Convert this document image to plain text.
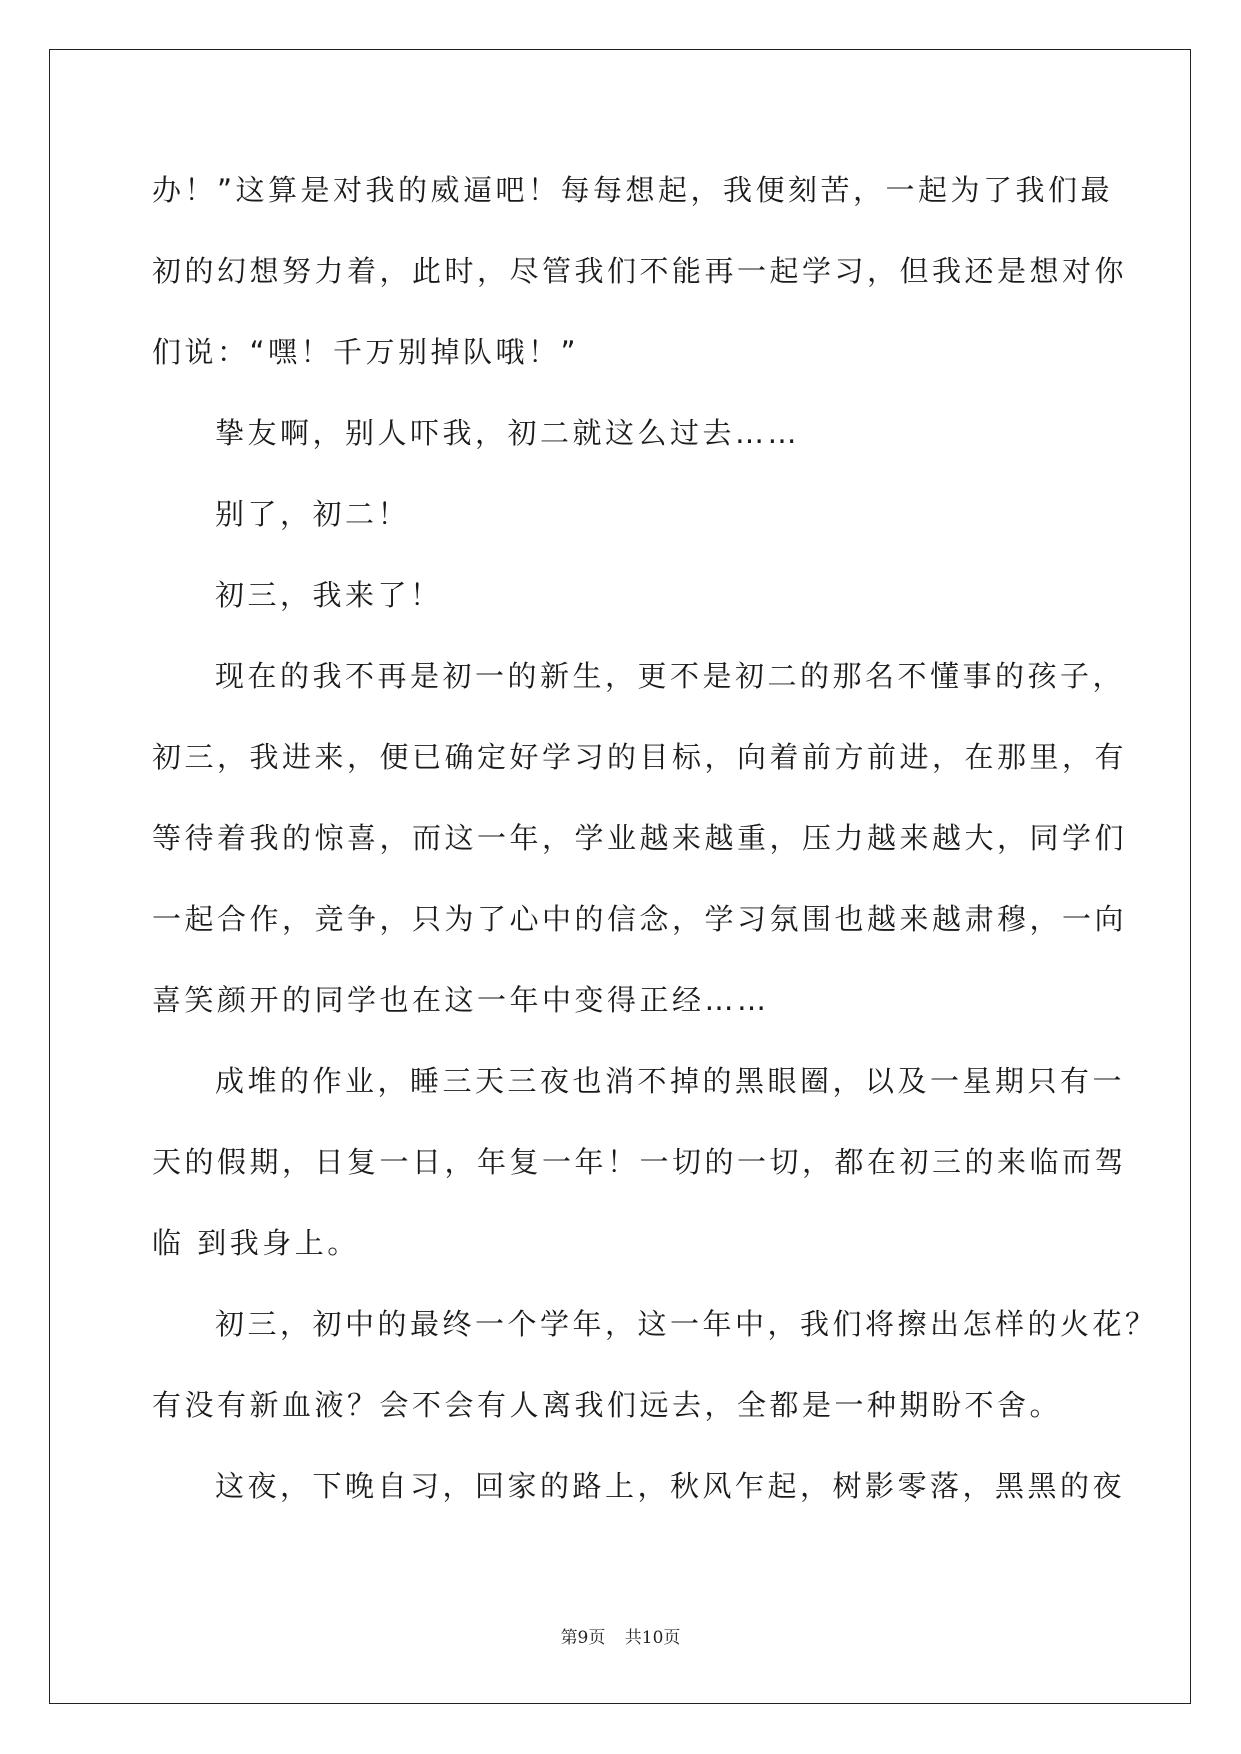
办！”这算是对我的威逼吧！每每想起，我便刻苦，一起为了我们最
初的幻想努力着，此时，尽管我们不能再一起学习，但我还是想对你
们说：“嘿！千万别掉队哦！”
挚友啊，别人吓我，初二就这么过去……
别了，初二！
初三，我来了！
现在的我不再是初一的新生，更不是初二的那名不懂事的孩子，
初三，我进来，便已确定好学习的目标，向着前方前进，在那里，有
等待着我的惊喜，而这一年，学业越来越重，压力越来越大，同学们
一起合作，竞争，只为了心中的信念，学习氛围也越来越肃穆，一向
喜笑颜开的同学也在这一年中变得正经……
成堆的作业，睡三天三夜也消不掉的黑眼圈，以及一星期只有一
天的假期，日复一日，年复一年！一切的一切，都在初三的来临而驾
临 到我身上。
初三，初中的最终一个学年，这一年中，我们将擦出怎样的火花？
有没有新血液？会不会有人离我们远去，全都是一种期盼不舍。
这夜，下晚自习，回家的路上，秋风乍起，树影零落，黑黑的夜
第9页 共10页
